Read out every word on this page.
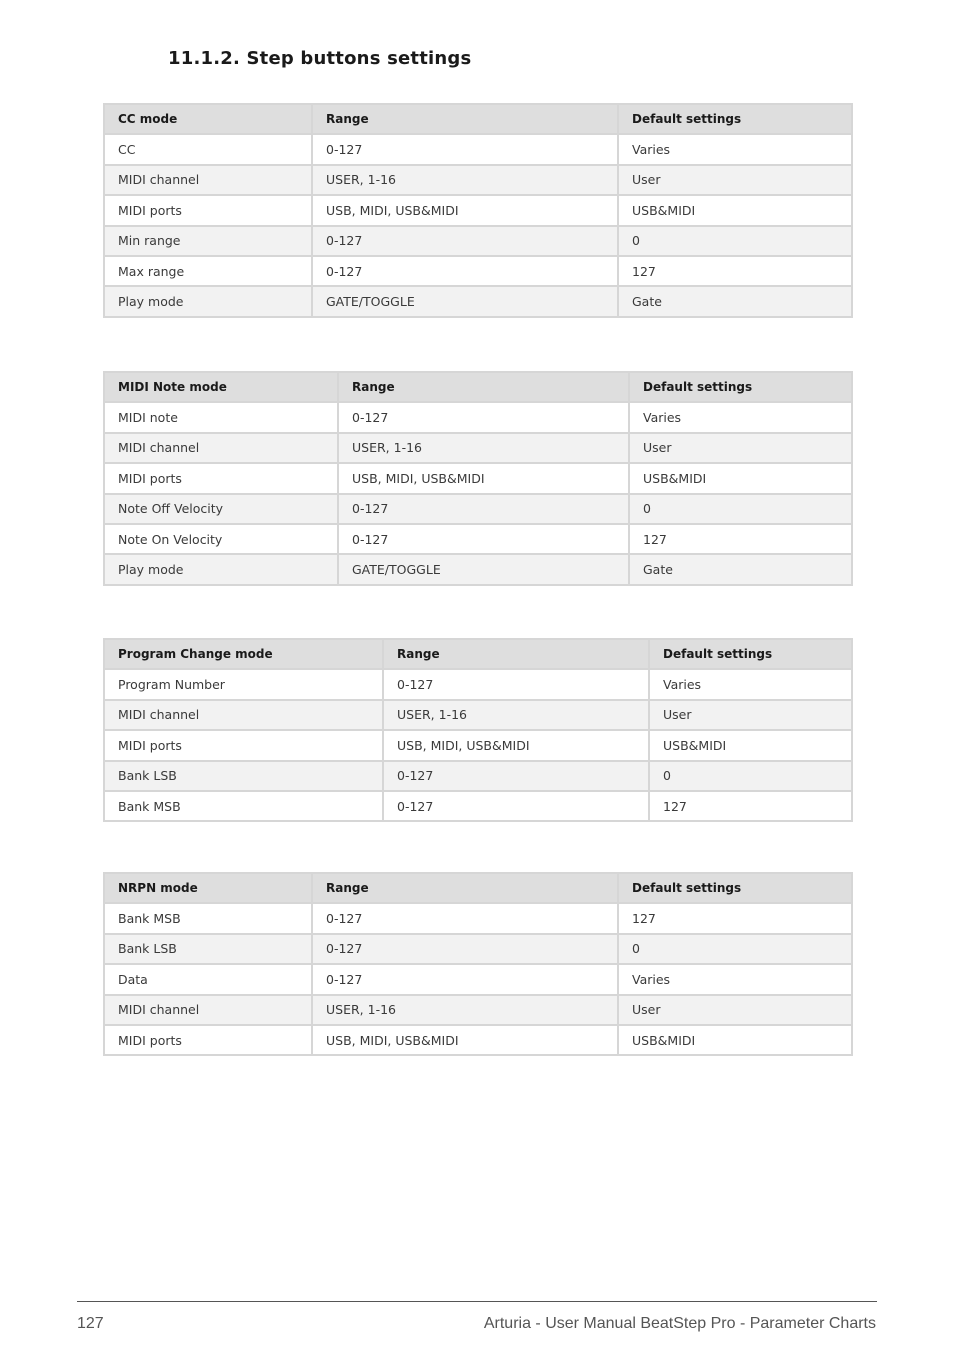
11.1.2. Step buttons settings
CC mode	Range	Default settings
CC	0-127	Varies
MIDI channel	USER, 1-16	User
MIDI ports	USB, MIDI, USB&MIDI	USB&MIDI
Min range	0-127	0
Max range	0-127	127
Play mode	GATE/TOGGLE	Gate
MIDI Note mode	Range	Default settings
MIDI note	0-127	Varies
MIDI channel	USER, 1-16	User
MIDI ports	USB, MIDI, USB&MIDI	USB&MIDI
Note Off Velocity	0-127	0
Note On Velocity	0-127	127
Play mode	GATE/TOGGLE	Gate
Program Change mode	Range	Default settings
Program Number	0-127	Varies
MIDI channel	USER, 1-16	User
MIDI ports	USB, MIDI, USB&MIDI	USB&MIDI
Bank LSB	0-127	0
Bank MSB	0-127	127
NRPN mode	Range	Default settings
Bank MSB	0-127	127
Bank LSB	0-127	0
Data	0-127	Varies
MIDI channel	USER, 1-16	User
MIDI ports	USB, MIDI, USB&MIDI	USB&MIDI
127	Arturia - User Manual BeatStep Pro - Parameter Charts
